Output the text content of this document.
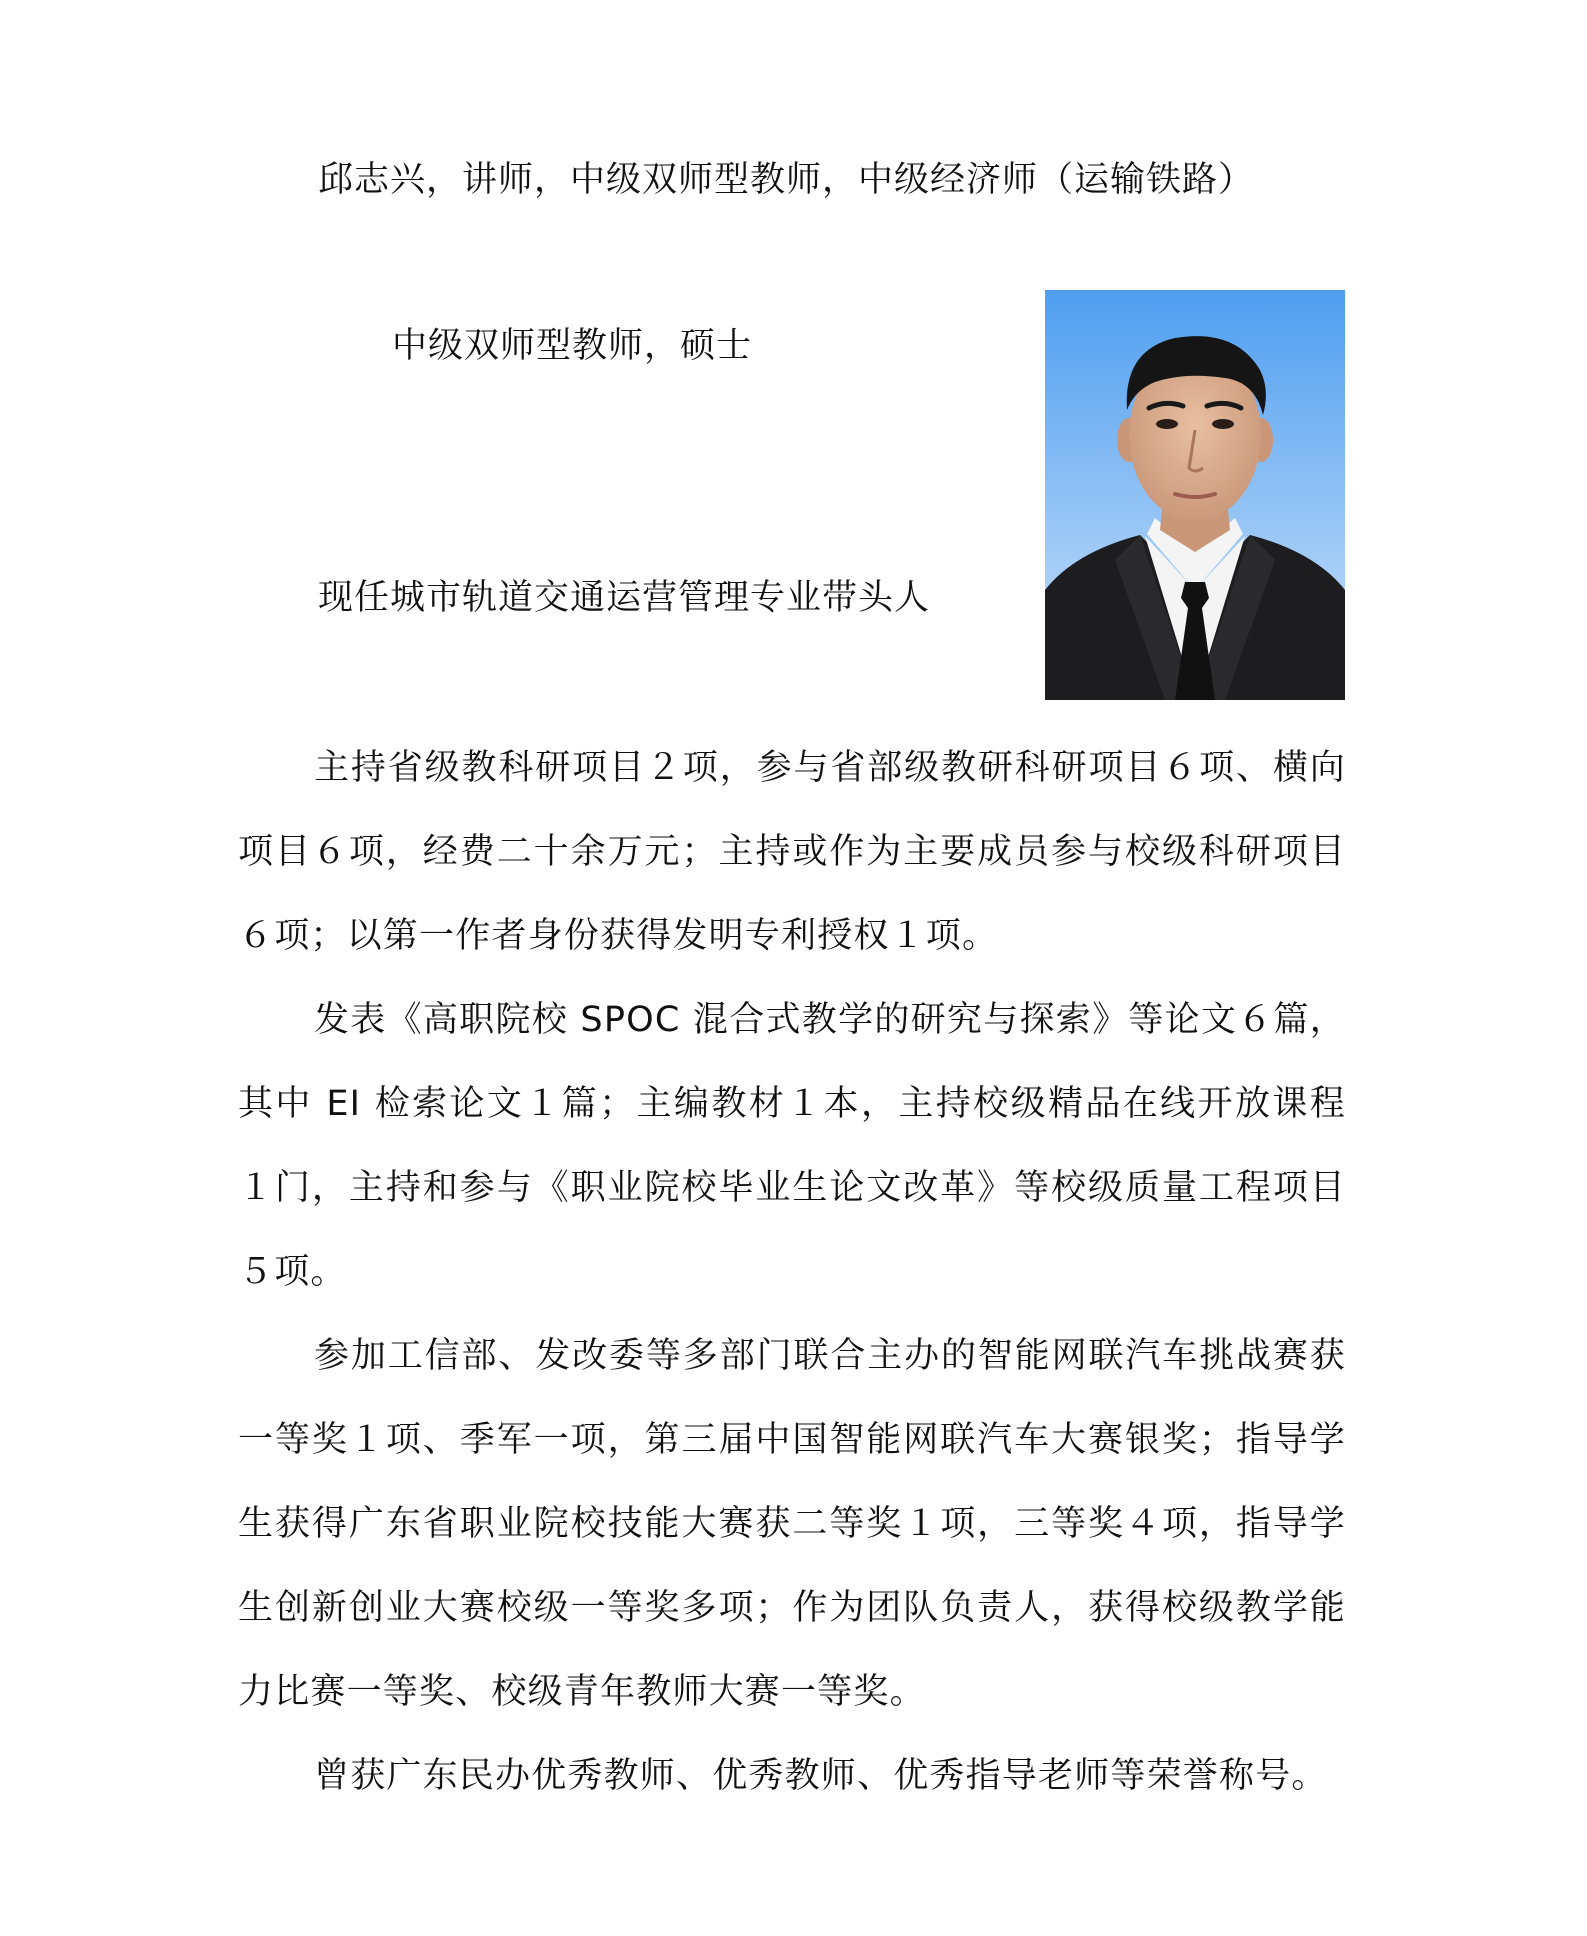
邱志兴，讲师，中级双师型教师，中级经济师（运输铁路）
中级双师型教师，硕士
现任城市轨道交通运营管理专业带头人

主持省级教科研项目２项，参与省部级教研科研项目６项、横向项目６项，经费二十余万元；主持或作为主要成员参与校级科研项目６项；以第一作者身份获得发明专利授权１项。

发表《高职院校 SPOC 混合式教学的研究与探索》等论文６篇，其中 EI 检索论文１篇；主编教材１本，主持校级精品在线开放课程１门，主持和参与《职业院校毕业生论文改革》等校级质量工程项目５项。

参加工信部、发改委等多部门联合主办的智能网联汽车挑战赛获一等奖１项、季军一项，第三届中国智能网联汽车大赛银奖；指导学生获得广东省职业院校技能大赛获二等奖１项，三等奖４项，指导学生创新创业大赛校级一等奖多项；作为团队负责人，获得校级教学能力比赛一等奖、校级青年教师大赛一等奖。

曾获广东民办优秀教师、优秀教师、优秀指导老师等荣誉称号。
